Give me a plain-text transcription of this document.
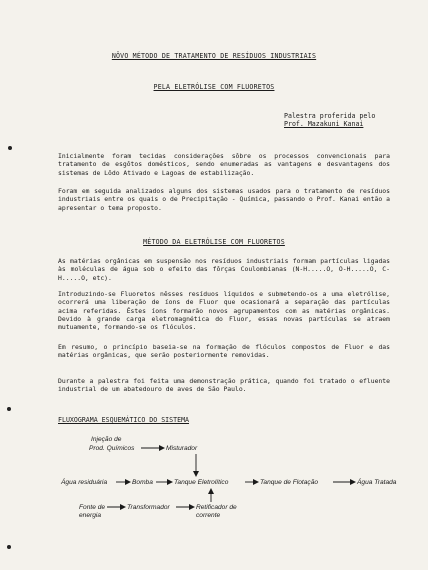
NÔVO MÉTODO DE TRATAMENTO DE RESÍDUOS INDUSTRIAIS
PELA ELETRÓLISE COM FLUORETOS
Palestra proferida pelo
Prof. Mazakuni Kanai

Inicialmente foram tecidas considerações sôbre os processos convencionais para tratamento de esgôtos domésticos, sendo enumeradas as vantagens e desvantagens dos sistemas de Lôdo Ativado e Lagoas de estabilização.

Foram em seguida analizados alguns dos sistemas usados para o tratamento de resíduos industriais entre os quais o de Precipitação - Química, passando o Prof. Kanai então a apresentar o tema proposto.

MÉTODO DA ELETRÓLISE COM FLUORETOS

As matérias orgânicas em suspensão nos resíduos industriais formam partículas ligadas às moléculas de água sob o efeito das fôrças Coulombianas (N-H.....O, O-H.....O, C-H.....O, etc).

Introduzindo-se Fluoretos nêsses resíduos líquidos e submetendo-os a uma eletrólise, ocorrerá uma liberação de íons de Fluor que ocasionará a separação das partículas acima referidas. Êstes íons formarão novos agrupamentos com as matérias orgânicas. Devido à grande carga eletromagnética do Fluor, essas novas partículas se atraem mutuamente, formando-se os flóculos.

Em resumo, o princípio baseia-se na formação de flóculos compostos de Fluor e das matérias orgânicas, que serão posteriormente removidas.

Durante a palestra foi feita uma demonstração prática, quando foi tratado o efluente industrial de um abatedouro de aves de São Paulo.

FLUXOGRAMA ESQUEMÁTICO DO SISTEMA
Injeção de
Prod. Químicos	Misturador
Água residuária	Bomba	Tanque Eletrolítico	Tanque de Flotação	Água Tratada
Fonte de
energia
Transformador	Retificador de
corrente
